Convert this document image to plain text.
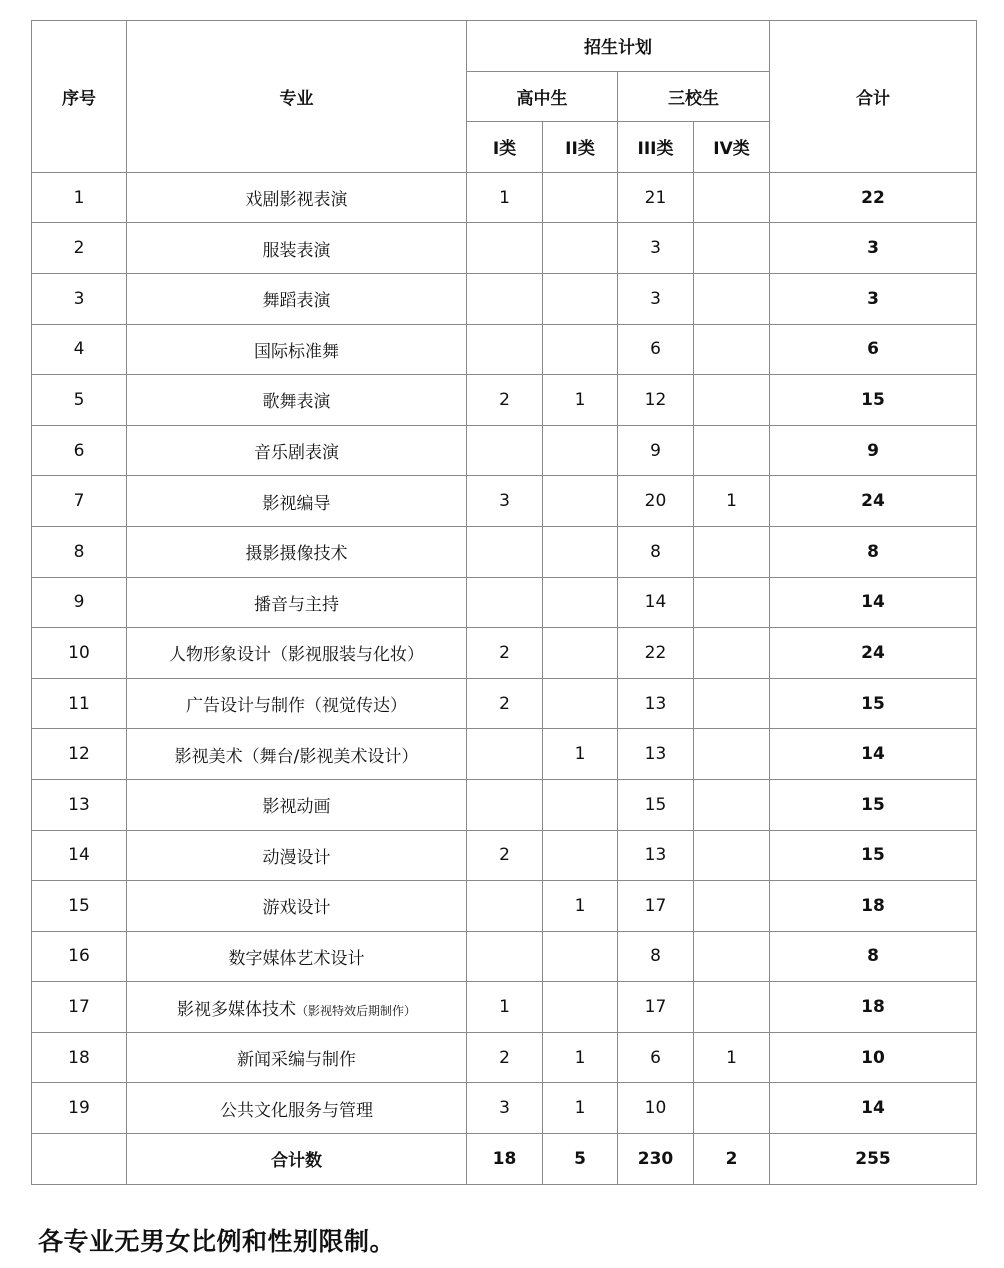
序号	专业	招生计划				合计
		高中生		三校生		
		I类	II类	III类	IV类	
1	戏剧影视表演	1		21		22
2	服装表演			3		3
3	舞蹈表演			3		3
4	国际标准舞			6		6
5	歌舞表演	2	1	12		15
6	音乐剧表演			9		9
7	影视编导	3		20	1	24
8	摄影摄像技术			8		8
9	播音与主持			14		14
10	人物形象设计（影视服装与化妆）	2		22		24
11	广告设计与制作（视觉传达）	2		13		15
12	影视美术（舞台/影视美术设计）		1	13		14
13	影视动画			15		15
14	动漫设计	2		13		15
15	游戏设计		1	17		18
16	数字媒体艺术设计			8		8
17	影视多媒体技术（影视特效后期制作）	1		17		18
18	新闻采编与制作	2	1	6	1	10
19	公共文化服务与管理	3	1	10		14
	合计数	18	5	230	2	255
各专业无男女比例和性别限制。
